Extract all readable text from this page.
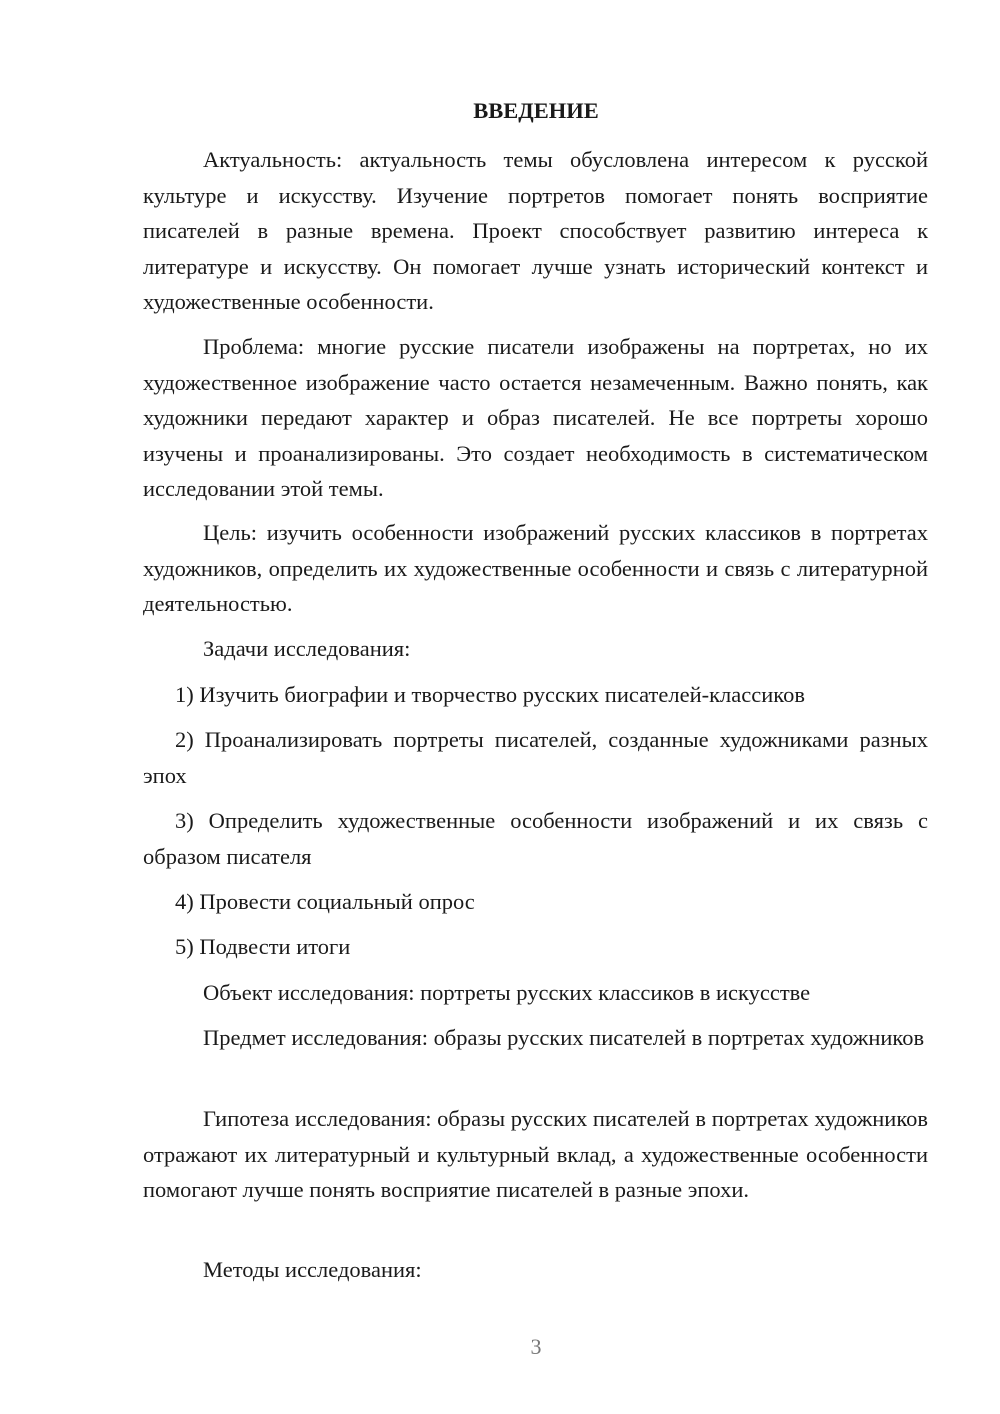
ВВЕДЕНИЕ

Актуальность: актуальность темы обусловлена интересом к русской культуре и искусству. Изучение портретов помогает понять восприятие писателей в разные времена. Проект способствует развитию интереса к литературе и искусству. Он помогает лучше узнать исторический контекст и художественные особенности.

Проблема: многие русские писатели изображены на портретах, но их художественное изображение часто остается незамеченным. Важно понять, как художники передают характер и образ писателей. Не все портреты хорошо изучены и проанализированы. Это создает необходимость в систематическом исследовании этой темы.

Цель: изучить особенности изображений русских классиков в портретах художников, определить их художественные особенности и связь с литературной деятельностью.

Задачи исследования:

1) Изучить биографии и творчество русских писателей-классиков

2) Проанализировать портреты писателей, созданные художниками разных эпох

3) Определить художественные особенности изображений и их связь с образом писателя

4) Провести социальный опрос

5) Подвести итоги

Объект исследования: портреты русских классиков в искусстве

Предмет исследования: образы русских писателей в портретах художников

Гипотеза исследования: образы русских писателей в портретах художников отражают их литературный и культурный вклад, а художественные особенности помогают лучше понять восприятие писателей в разные эпохи.

Методы исследования:

3
